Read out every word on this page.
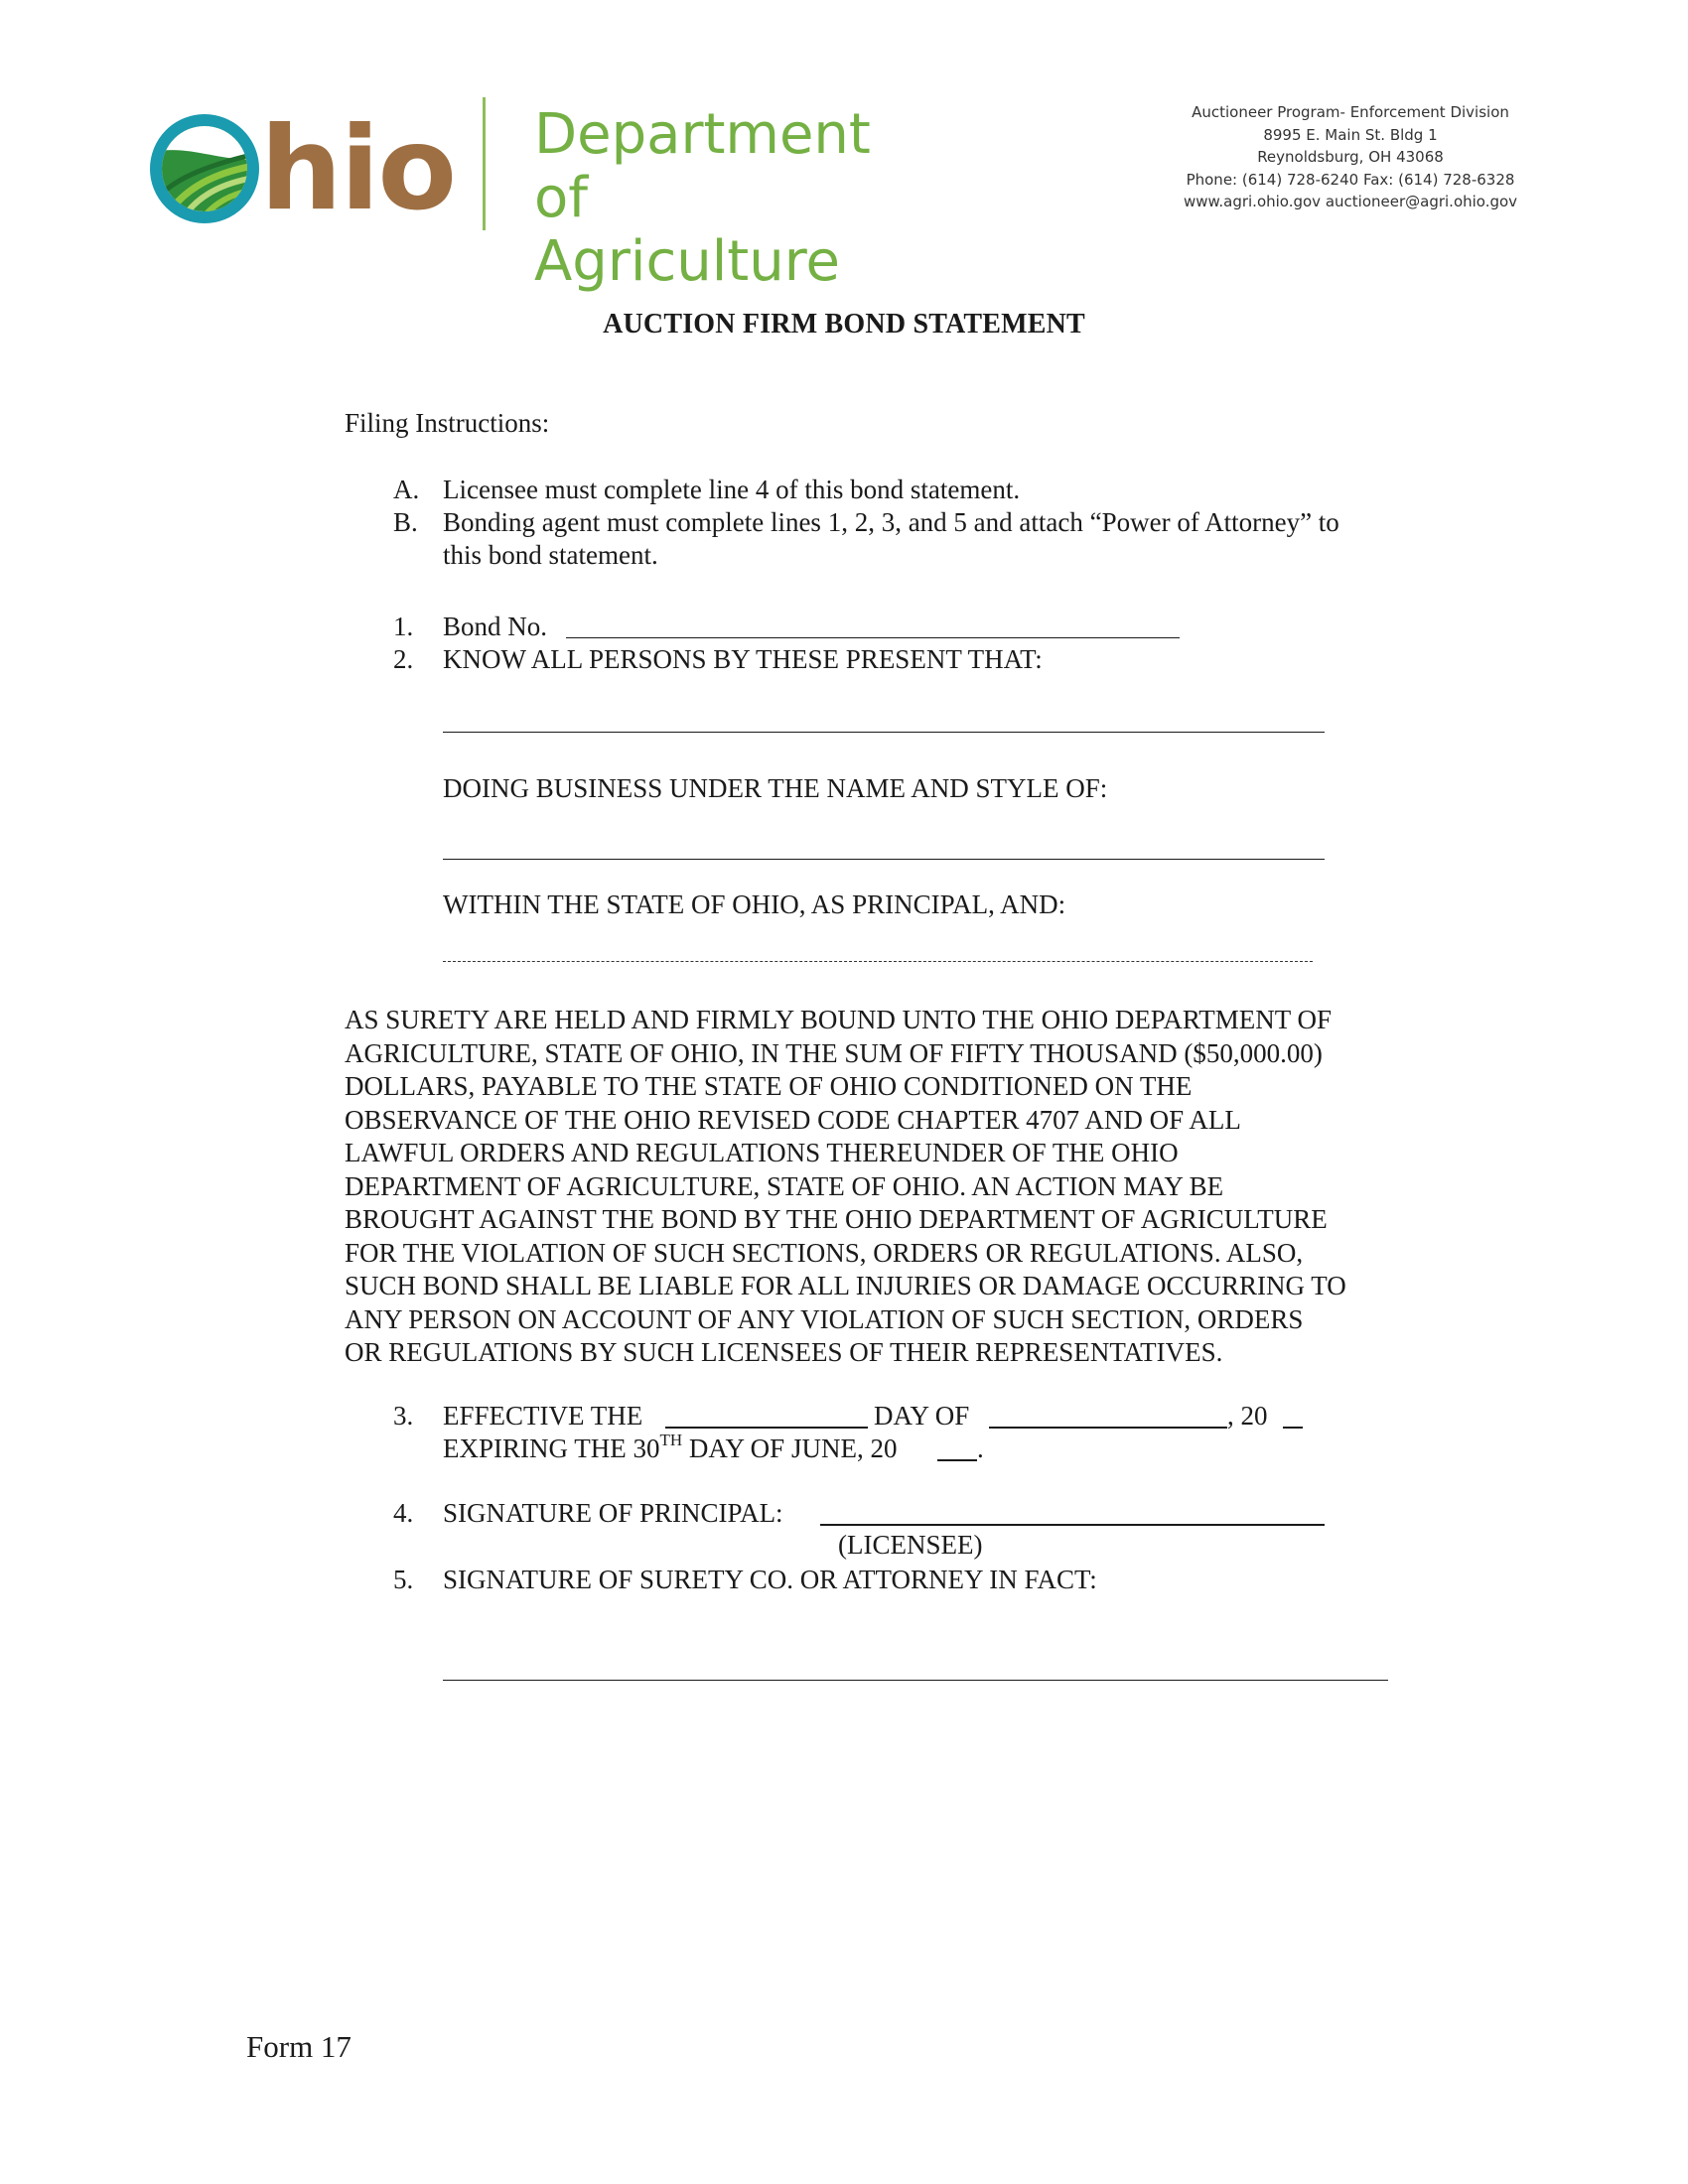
hio Department of
Agriculture
Auctioneer Program- Enforcement Division
8995 E. Main St. Bldg 1
Reynoldsburg, OH 43068
Phone: (614) 728-6240 Fax: (614) 728-6328
www.agri.ohio.gov auctioneer@agri.ohio.gov
AUCTION FIRM BOND STATEMENT
Filing Instructions:
A. Licensee must complete line 4 of this bond statement.
B. Bonding agent must complete lines 1, 2, 3, and 5 and attach “Power of Attorney” to
this bond statement.
1. Bond No.
2. KNOW ALL PERSONS BY THESE PRESENT THAT:
DOING BUSINESS UNDER THE NAME AND STYLE OF:
WITHIN THE STATE OF OHIO, AS PRINCIPAL, AND:
AS SURETY ARE HELD AND FIRMLY BOUND UNTO THE OHIO DEPARTMENT OF
AGRICULTURE, STATE OF OHIO, IN THE SUM OF FIFTY THOUSAND ($50,000.00)
DOLLARS, PAYABLE TO THE STATE OF OHIO CONDITIONED ON THE
OBSERVANCE OF THE OHIO REVISED CODE CHAPTER 4707 AND OF ALL
LAWFUL ORDERS AND REGULATIONS THEREUNDER OF THE OHIO
DEPARTMENT OF AGRICULTURE, STATE OF OHIO. AN ACTION MAY BE
BROUGHT AGAINST THE BOND BY THE OHIO DEPARTMENT OF AGRICULTURE
FOR THE VIOLATION OF SUCH SECTIONS, ORDERS OR REGULATIONS. ALSO,
SUCH BOND SHALL BE LIABLE FOR ALL INJURIES OR DAMAGE OCCURRING TO
ANY PERSON ON ACCOUNT OF ANY VIOLATION OF SUCH SECTION, ORDERS
OR REGULATIONS BY SUCH LICENSEES OF THEIR REPRESENTATIVES.
3. EFFECTIVE THE	DAY OF	, 20
EXPIRING THE 30TH DAY OF JUNE, 20	.
4. SIGNATURE OF PRINCIPAL:
(LICENSEE)
5. SIGNATURE OF SURETY CO. OR ATTORNEY IN FACT:
Form 17
